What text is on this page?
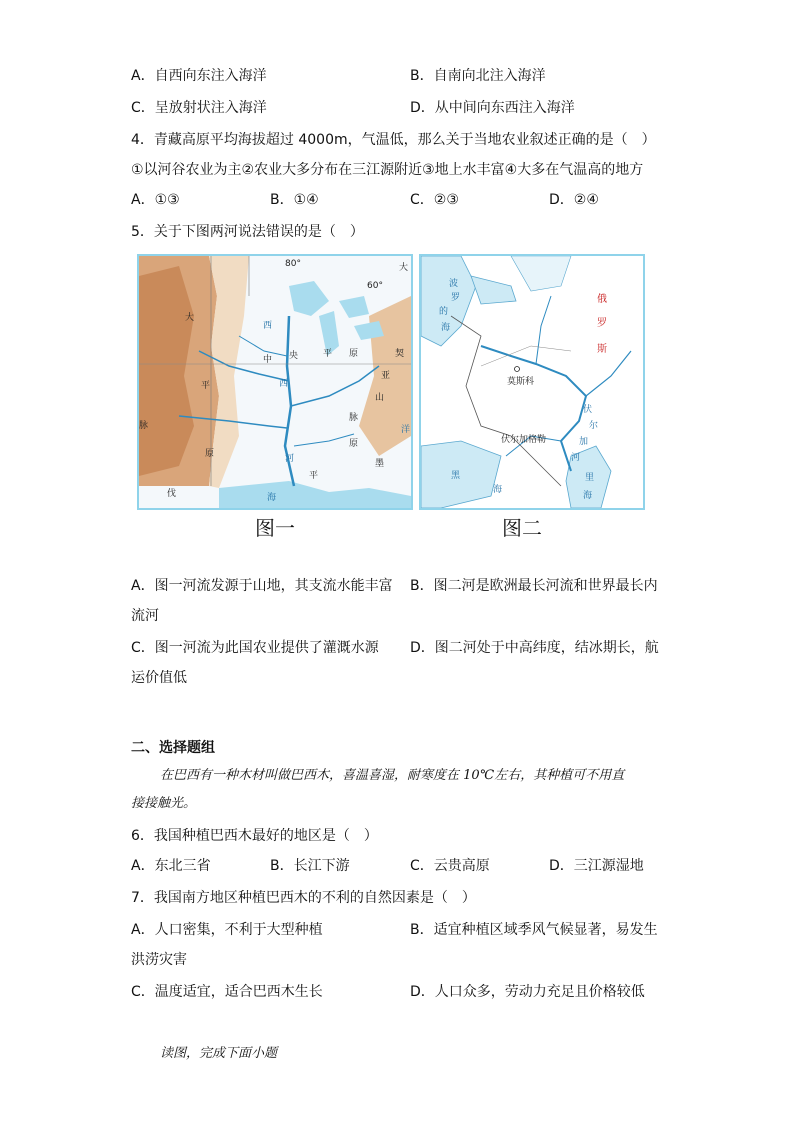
A．自西向东注入海洋	B．自南向北注入海洋
C．呈放射状注入海洋	D．从中间向东西注入海洋
4．青藏高原平均海拔超过 4000m，气温低，那么关于当地农业叙述正确的是（　）
①以河谷农业为主②农业大多分布在三江源附近③地上水丰富④大多在气温高的地方
A．①③	B．①④	C．②③	D．②④
5．关于下图两河说法错误的是（　）
大
平
脉
原
西
中 央	平 原
西
河
山
亚
契
脉
平
原
海
墨
大
洋
伐
80°
60°
图一
波
罗
的
海
俄
罗
斯
莫斯科
伏
尔
加
河
伏尔加格勒
黑
海
里
海
图二
A．图一河流发源于山地，其支流水能丰富 B．图二河是欧洲最长河流和世界最长内
流河
C．图一河流为此国农业提供了灌溉水源 D．图二河处于中高纬度，结冰期长，航
运价值低
二、选择题组
在巴西有一种木材叫做巴西木，喜温喜湿，耐寒度在 10℃左右，其种植可不用直
接接触光。
6．我国种植巴西木最好的地区是（　）
A．东北三省	B．长江下游	C．云贵高原	D．三江源湿地
7．我国南方地区种植巴西木的不利的自然因素是（　）
A．人口密集，不利于大型种植	B．适宜种植区域季风气候显著，易发生
洪涝灾害
C．温度适宜，适合巴西木生长	D．人口众多，劳动力充足且价格较低
读图，完成下面小题
